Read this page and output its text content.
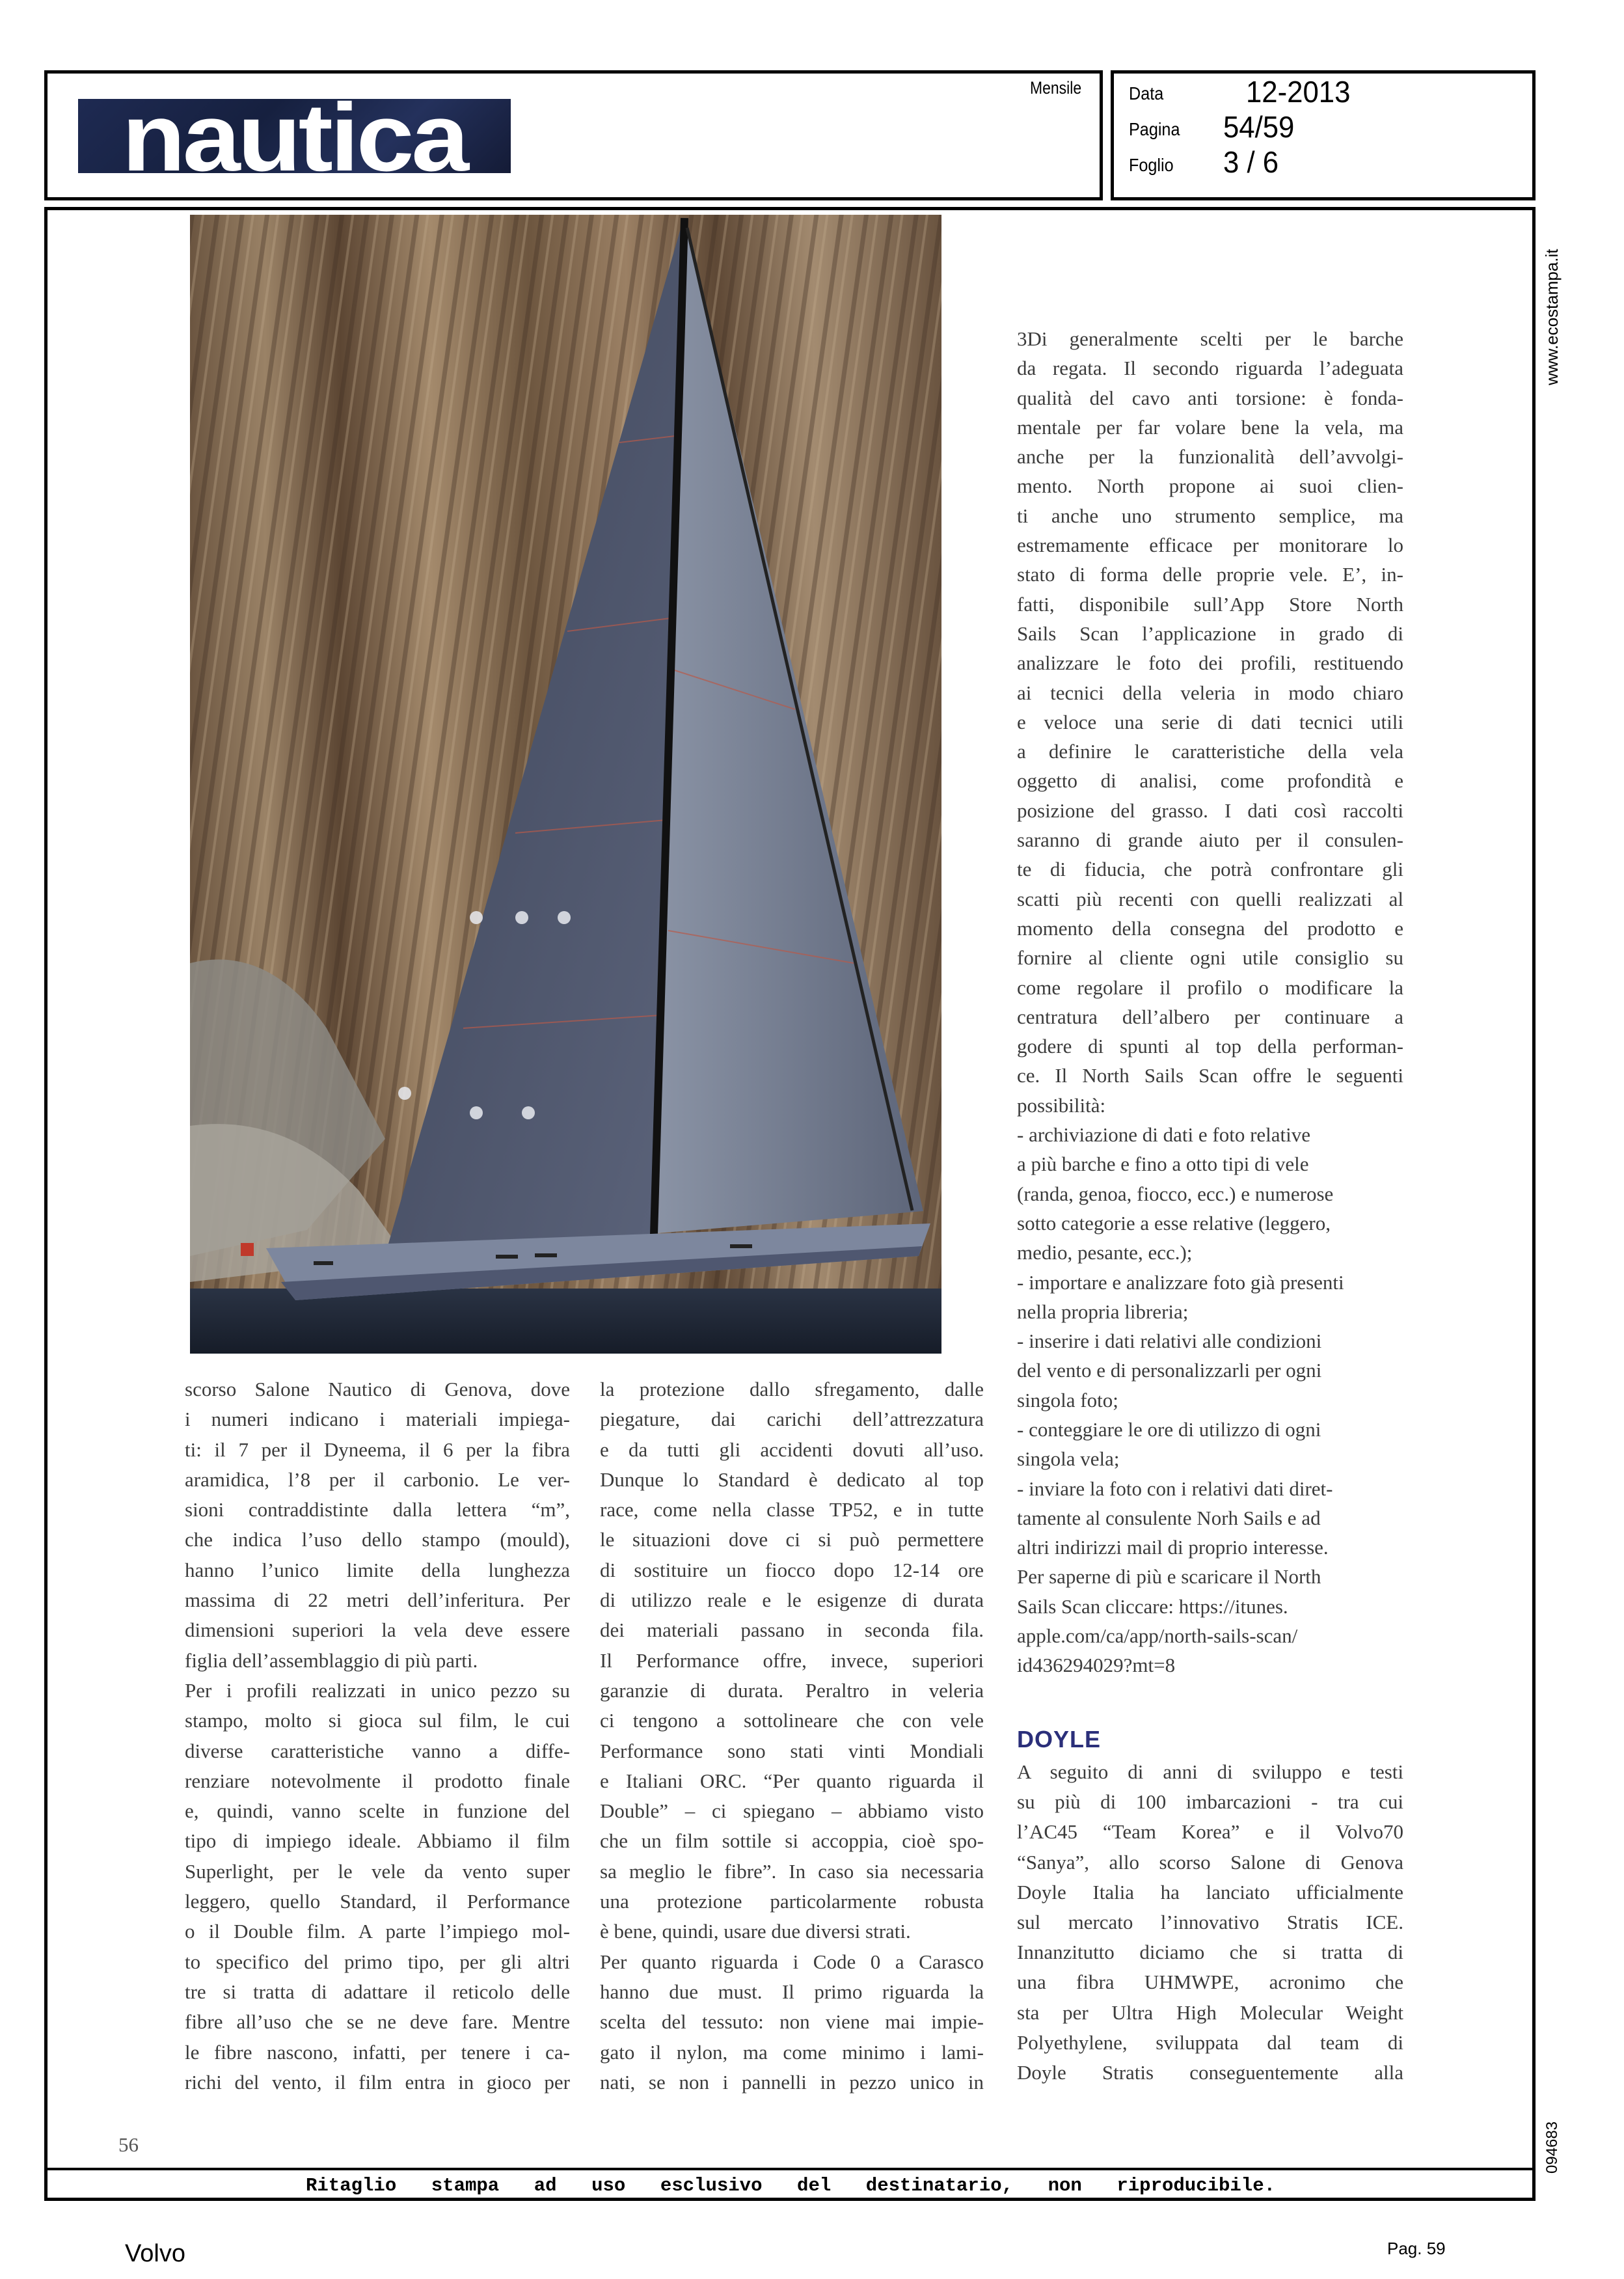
nautica	Mensile	Data	12-2013
Pagina 54/59
Foglio 3 / 6
www.ecostampa.it
094683
scorso Salone Nautico di Genova, dove
i numeri indicano i materiali impiega-
ti: il 7 per il Dyneema, il 6 per la fibra
aramidica, l’8 per il carbonio. Le ver-
sioni contraddistinte dalla lettera “m”,
che indica l’uso dello stampo (mould),
hanno l’unico limite della lunghezza
massima di 22 metri dell’inferitura. Per
dimensioni superiori la vela deve essere
figlia dell’assemblaggio di più parti.
Per i profili realizzati in unico pezzo su
stampo, molto si gioca sul film, le cui
diverse caratteristiche vanno a diffe-
renziare notevolmente il prodotto finale
e, quindi, vanno scelte in funzione del
tipo di impiego ideale. Abbiamo il film
Superlight, per le vele da vento super
leggero, quello Standard, il Performance
o il Double film. A parte l’impiego mol-
to specifico del primo tipo, per gli altri
tre si tratta di adattare il reticolo delle
fibre all’uso che se ne deve fare. Mentre
le fibre nascono, infatti, per tenere i ca-
richi del vento, il film entra in gioco per
la protezione dallo sfregamento, dalle
piegature, dai carichi dell’attrezzatura
e da tutti gli accidenti dovuti all’uso.
Dunque lo Standard è dedicato al top
race, come nella classe TP52, e in tutte
le situazioni dove ci si può permettere
di sostituire un fiocco dopo 12-14 ore
di utilizzo reale e le esigenze di durata
dei materiali passano in seconda fila.
Il Performance offre, invece, superiori
garanzie di durata. Peraltro in veleria
ci tengono a sottolineare che con vele
Performance sono stati vinti Mondiali
e Italiani ORC. “Per quanto riguarda il
Double” – ci spiegano – abbiamo visto
che un film sottile si accoppia, cioè spo-
sa meglio le fibre”. In caso sia necessaria
una protezione particolarmente robusta
è bene, quindi, usare due diversi strati.
Per quanto riguarda i Code 0 a Carasco
hanno due must. Il primo riguarda la
scelta del tessuto: non viene mai impie-
gato il nylon, ma come minimo i lami-
nati, se non i pannelli in pezzo unico in
3Di generalmente scelti per le barche
da regata. Il secondo riguarda l’adeguata
qualità del cavo anti torsione: è fonda-
mentale per far volare bene la vela, ma
anche per la funzionalità dell’avvolgi-
mento. North propone ai suoi clien-
ti anche uno strumento semplice, ma
estremamente efficace per monitorare lo
stato di forma delle proprie vele. E’, in-
fatti, disponibile sull’App Store North
Sails Scan l’applicazione in grado di
analizzare le foto dei profili, restituendo
ai tecnici della veleria in modo chiaro
e veloce una serie di dati tecnici utili
a definire le caratteristiche della vela
oggetto di analisi, come profondità e
posizione del grasso. I dati così raccolti
saranno di grande aiuto per il consulen-
te di fiducia, che potrà confrontare gli
scatti più recenti con quelli realizzati al
momento della consegna del prodotto e
fornire al cliente ogni utile consiglio su
come regolare il profilo o modificare la
centratura dell’albero per continuare a
godere di spunti al top della performan-
ce. Il North Sails Scan offre le seguenti
possibilità:
- archiviazione di dati e foto relative
a più barche e fino a otto tipi di vele
(randa, genoa, fiocco, ecc.) e numerose
sotto categorie a esse relative (leggero,
medio, pesante, ecc.);
- importare e analizzare foto già presenti
nella propria libreria;
- inserire i dati relativi alle condizioni
del vento e di personalizzarli per ogni
singola foto;
- conteggiare le ore di utilizzo di ogni
singola vela;
- inviare la foto con i relativi dati diret-
tamente al consulente Norh Sails e ad
altri indirizzi mail di proprio interesse.
Per saperne di più e scaricare il North
Sails Scan cliccare: https://itunes.
apple.com/ca/app/north-sails-scan/
id436294029?mt=8
DOYLE
A seguito di anni di sviluppo e testi
su più di 100 imbarcazioni - tra cui
l’AC45 “Team Korea” e il Volvo70
“Sanya”, allo scorso Salone di Genova
Doyle Italia ha lanciato ufficialmente
sul mercato l’innovativo Stratis ICE.
Innanzitutto diciamo che si tratta di
una fibra UHMWPE, acronimo che
sta per Ultra High Molecular Weight
Polyethylene, sviluppata dal team di
Doyle Stratis conseguentemente alla
56
Ritaglio stampa ad uso esclusivo del destinatario, non riproducibile.
Volvo	Pag. 59
